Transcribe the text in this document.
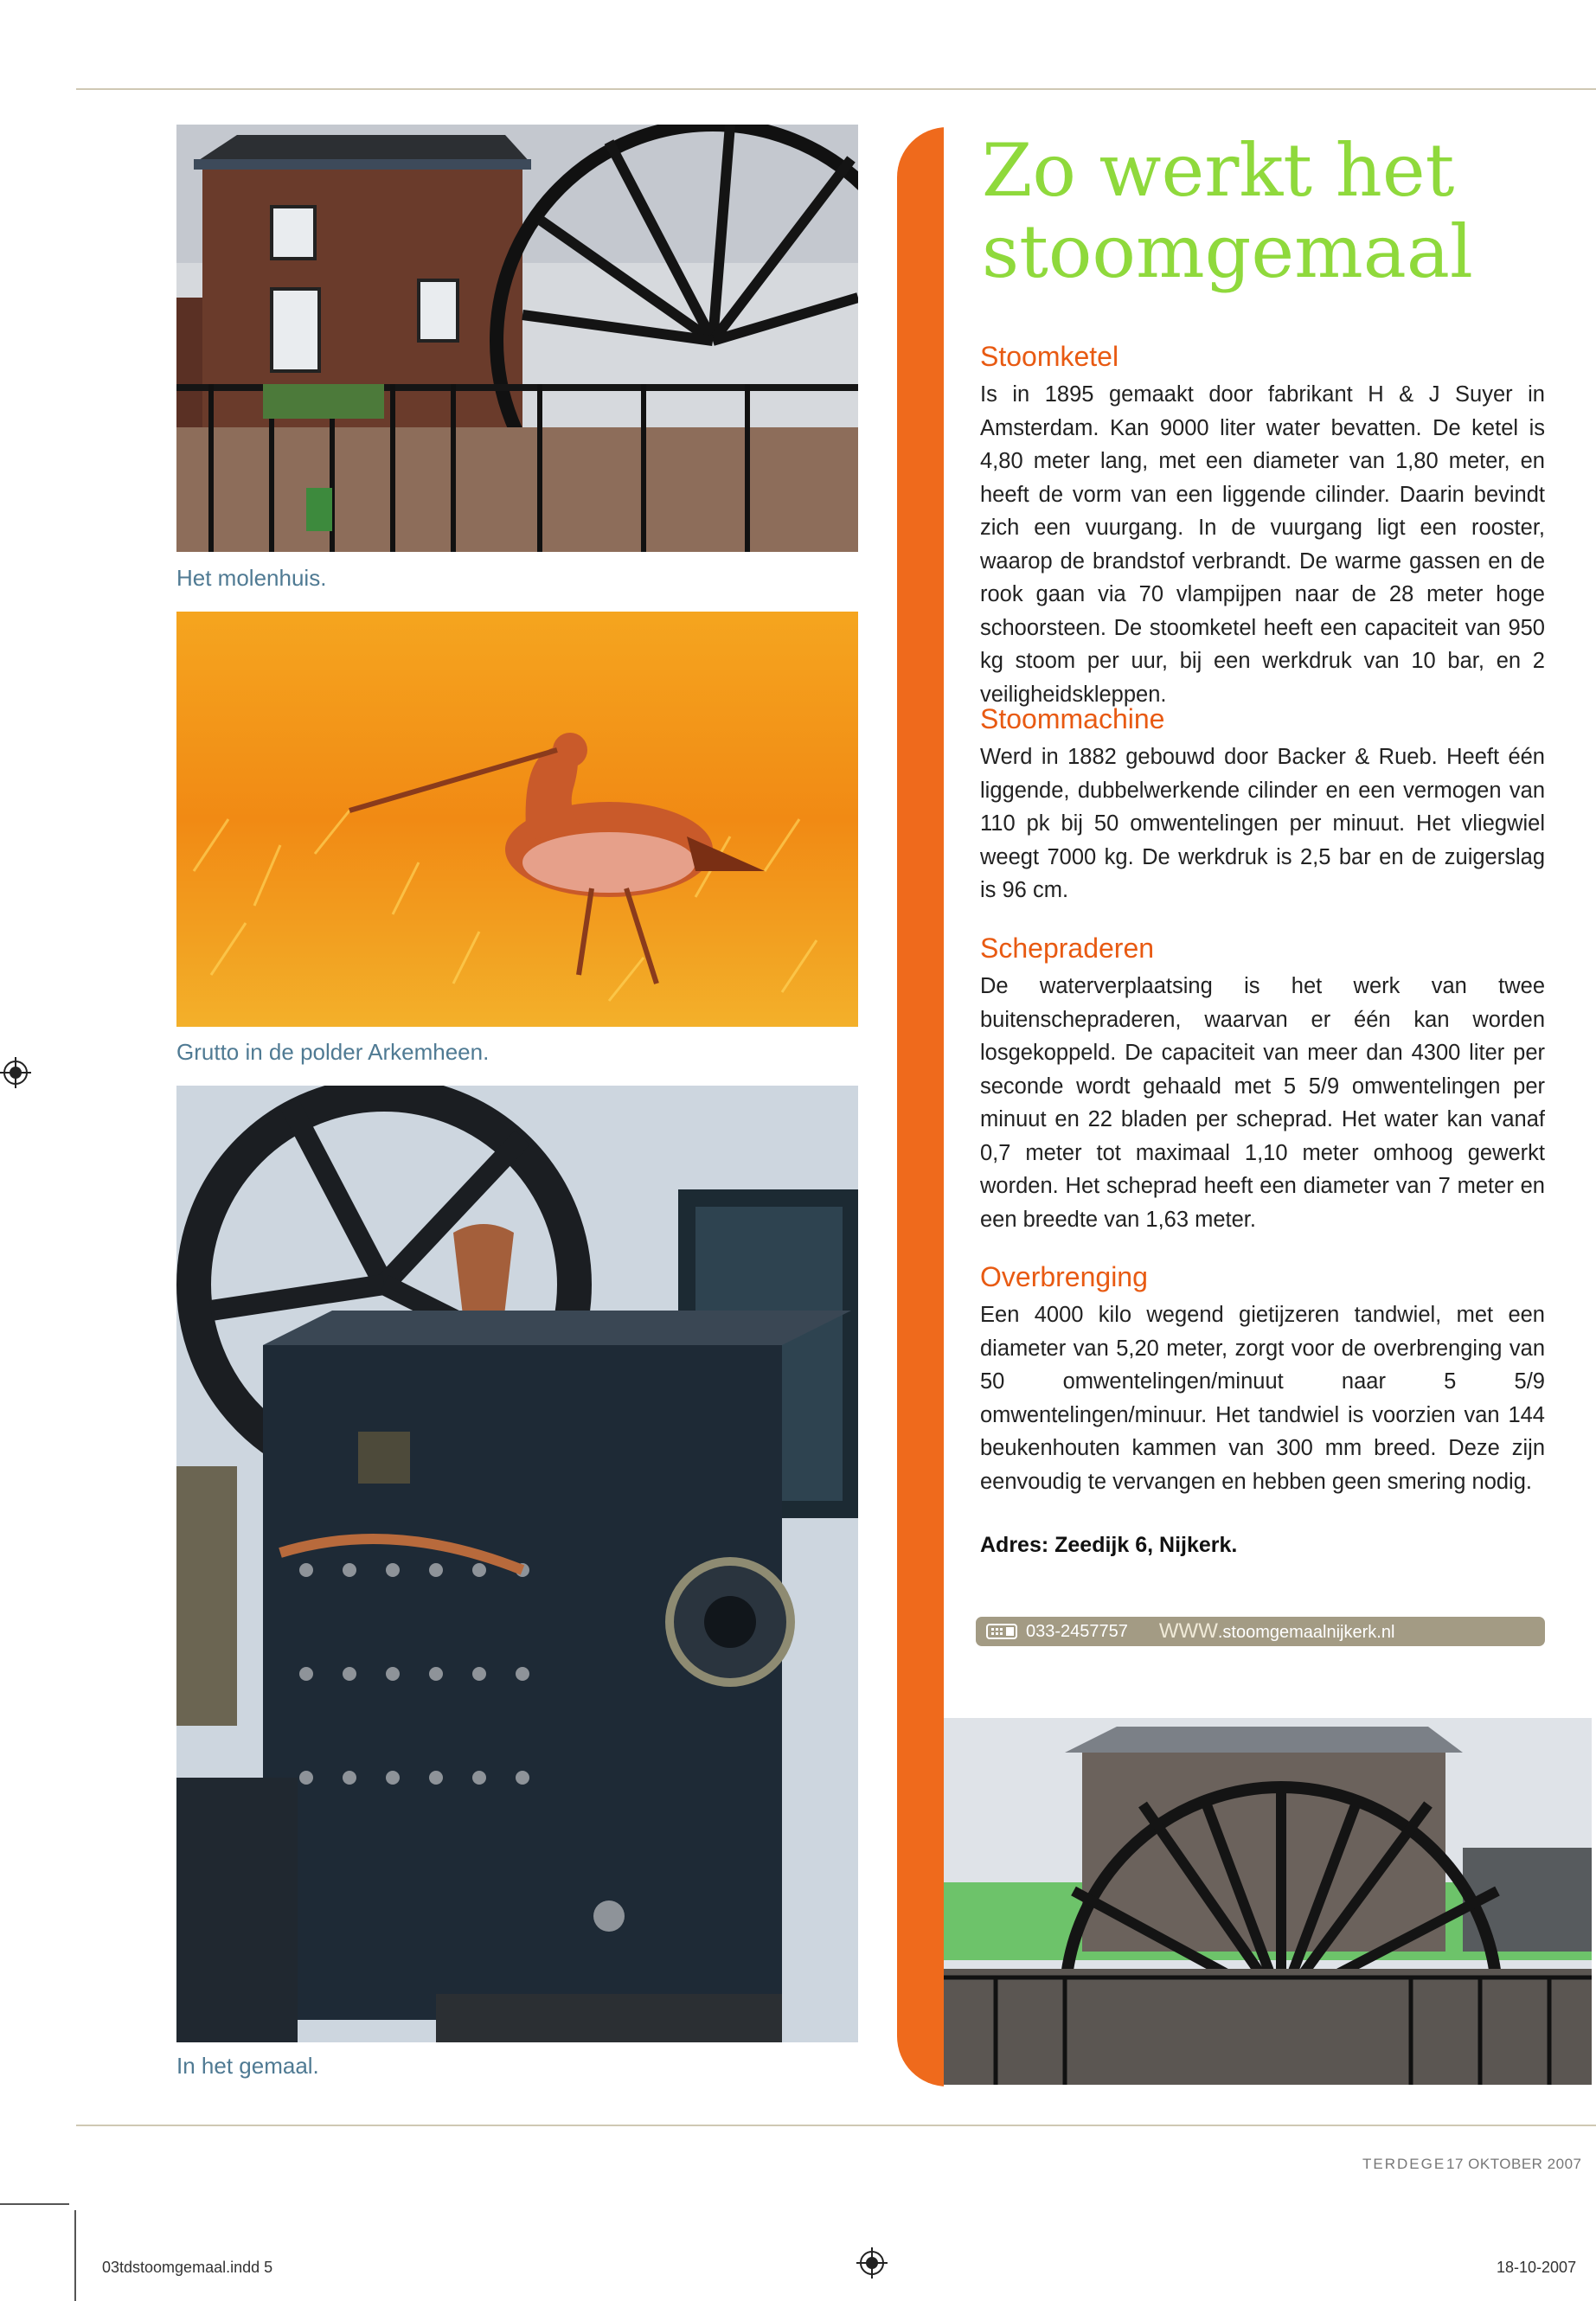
Het molenhuis.
Grutto in de polder Arkemheen.
In het gemaal.
Zo werkt het stoomgemaal
Stoomketel

Is in 1895 gemaakt door fabrikant H & J Suyer in Amsterdam. Kan 9000 liter water bevatten. De ketel is 4,80 meter lang, met een diameter van 1,80 meter, en heeft de vorm van een liggende cilinder. Daarin bevindt zich een vuurgang. In de vuurgang ligt een rooster, waarop de brandstof verbrandt. De warme gassen en de rook gaan via 70 vlampijpen naar de 28 meter hoge schoorsteen. De stoomketel heeft een capaciteit van 950 kg stoom per uur, bij een werkdruk van 10 bar, en 2 veiligheidskleppen.

Stoommachine

Werd in 1882 gebouwd door Backer & Rueb. Heeft één liggende, dubbelwerkende cilinder en een vermogen van 110 pk bij 50 omwentelingen per minuut. Het vliegwiel weegt 7000 kg. De werkdruk is 2,5 bar en de zuigerslag is 96 cm.

Schepraderen

De waterverplaatsing is het werk van twee buitenschepraderen, waarvan er één kan worden losgekoppeld. De capaciteit van meer dan 4300 liter per seconde wordt gehaald met 5 5/9 omwentelingen per minuut en 22 bladen per scheprad. Het water kan vanaf 0,7 meter tot maximaal 1,10 meter omhoog gewerkt worden. Het scheprad heeft een diameter van 7 meter en een breedte van 1,63 meter.

Overbrenging

Een 4000 kilo wegend gietijzeren tandwiel, met een diameter van 5,20 meter, zorgt voor de overbrenging van 50 omwentelingen/minuut naar 5 5/9 omwentelingen/minuur. Het tandwiel is voorzien van 144 beukenhouten kammen van 300 mm breed. Deze zijn eenvoudig te vervangen en hebben geen smering nodig.

Adres: Zeedijk 6, Nijkerk.
033-2457757 WWW.stoomgemaalnijkerk.nl
TERDEGE 17 OKTOBER 2007
03tdstoomgemaal.indd 5	18-10-2007
